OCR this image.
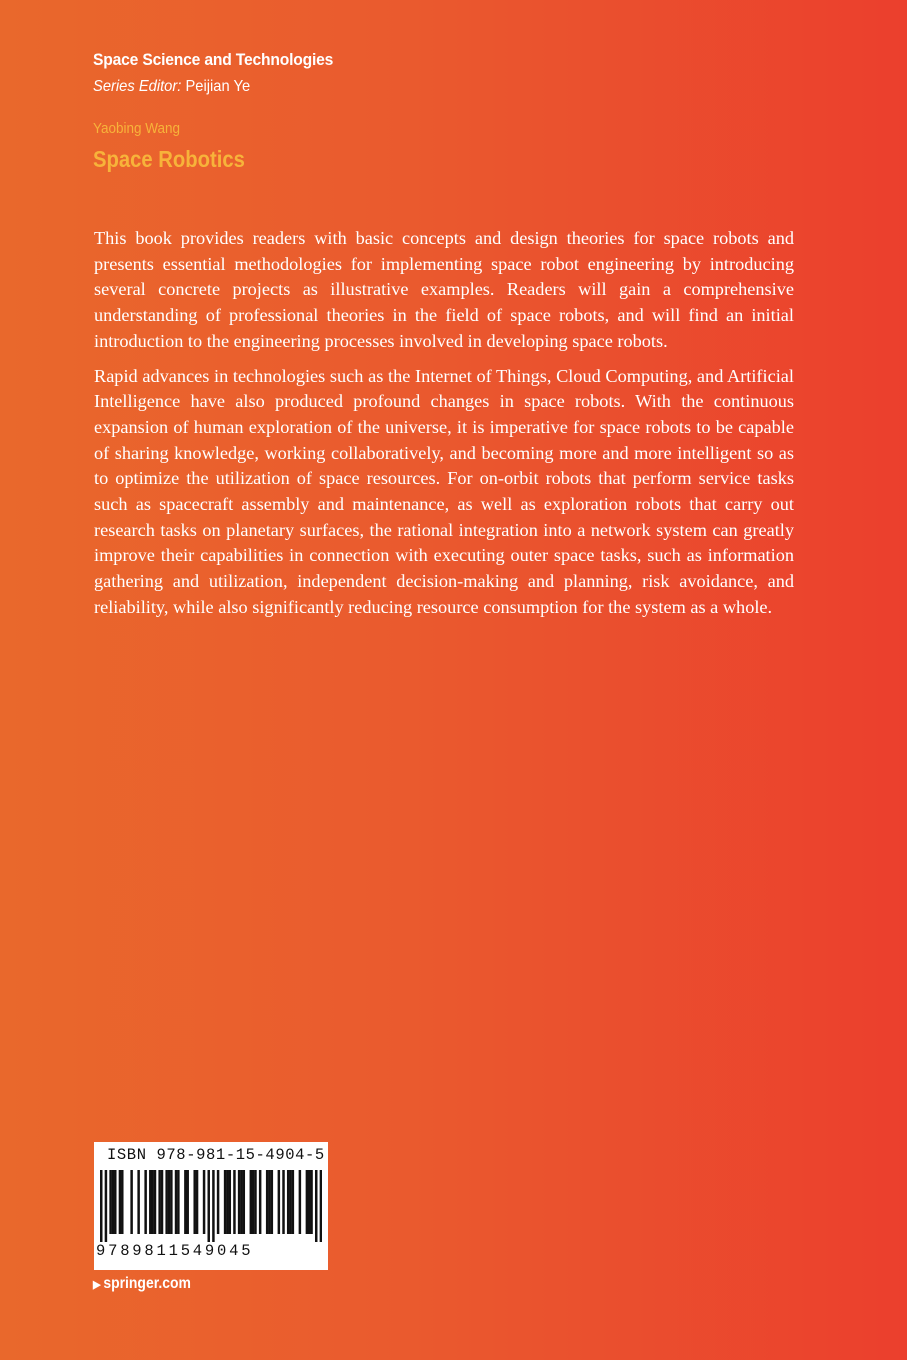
Space Science and Technologies
Series Editor: Peijian Ye
Yaobing Wang
Space Robotics

This book provides readers with basic concepts and design theories for space robots and presents essential methodologies for implementing space robot engineering by introducing several concrete projects as illustrative examples. Readers will gain a comprehensive understanding of professional theories in the field of space robots, and will find an initial introduction to the engineering processes involved in developing space robots.

Rapid advances in technologies such as the Internet of Things, Cloud Computing, and Artificial Intelligence have also produced profound changes in space robots. With the continuous expansion of human exploration of the universe, it is imperative for space robots to be capable of sharing knowledge, working collaboratively, and becoming more and more intelligent so as to optimize the utilization of space resources. For on-orbit robots that perform service tasks such as spacecraft assembly and maintenance, as well as exploration robots that carry out research tasks on planetary surfaces, the rational integration into a network system can greatly improve their capabilities in connection with executing outer space tasks, such as information gathering and utilization, independent decision-making and planning, risk avoidance, and reliability, while also significantly reducing resource consumption for the system as a whole.

ISBN 978-981-15-4904-5
9789811549045
▶ springer.com
